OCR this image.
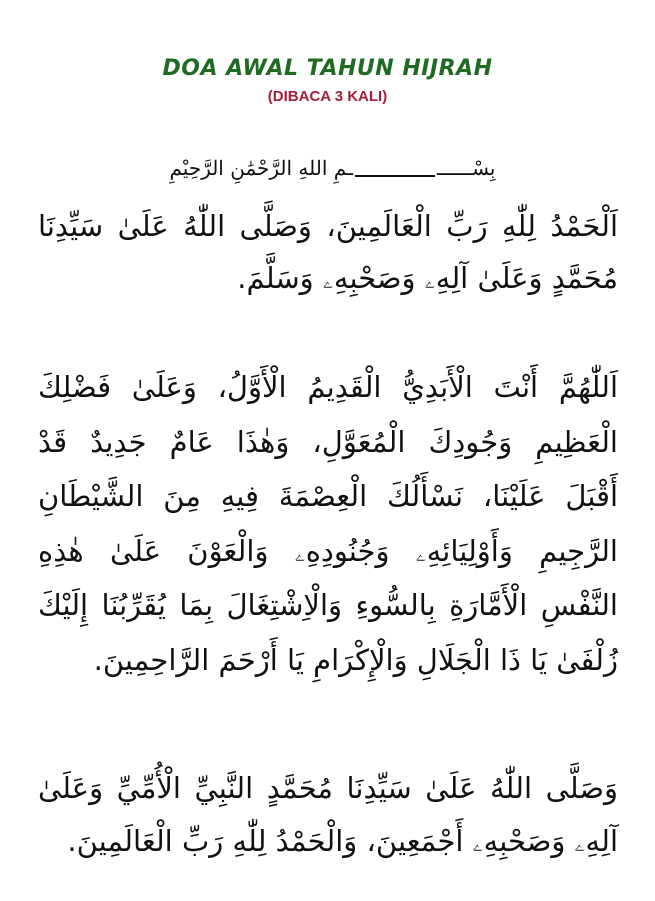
DOA AWAL TAHUN HIJRAH
(DIBACA 3 KALI)
بِسْـــــــمِ اللهِ الرَّحْمَٰنِ الرَّحِيْمِ
اَلْحَمْدُ لِلّٰهِ رَبِّ الْعَالَمِينَ، وَصَلَّى اللّٰهُ عَلَىٰ سَيِّدِنَا
مُحَمَّدٍ وَعَلَىٰ آلِهِۦ وَصَحْبِهِۦ وَسَلَّمَ.
اَللّٰهُمَّ أَنْتَ الْأَبَدِيُّ الْقَدِيمُ الْأَوَّلُ، وَعَلَىٰ فَضْلِكَ
الْعَظِيمِ وَجُودِكَ الْمُعَوَّلِ، وَهٰذَا عَامٌ جَدِيدٌ قَدْ
أَقْبَلَ عَلَيْنَا، نَسْأَلُكَ الْعِصْمَةَ فِيهِ مِنَ الشَّيْطَانِ
الرَّجِيمِ وَأَوْلِيَائِهِۦ وَجُنُودِهِۦ وَالْعَوْنَ عَلَىٰ هٰذِهِ
النَّفْسِ الْأَمَّارَةِ بِالسُّوءِ وَالْاِشْتِغَالَ بِمَا يُقَرِّبُنَا إِلَيْكَ
زُلْفَىٰ يَا ذَا الْجَلَالِ وَالْإِكْرَامِ يَا أَرْحَمَ الرَّاحِمِينَ.
وَصَلَّى اللّٰهُ عَلَىٰ سَيِّدِنَا مُحَمَّدٍ النَّبِيِّ الْأُمِّيِّ وَعَلَىٰ
آلِهِۦ وَصَحْبِهِۦ أَجْمَعِينَ، وَالْحَمْدُ لِلّٰهِ رَبِّ الْعَالَمِينَ.
